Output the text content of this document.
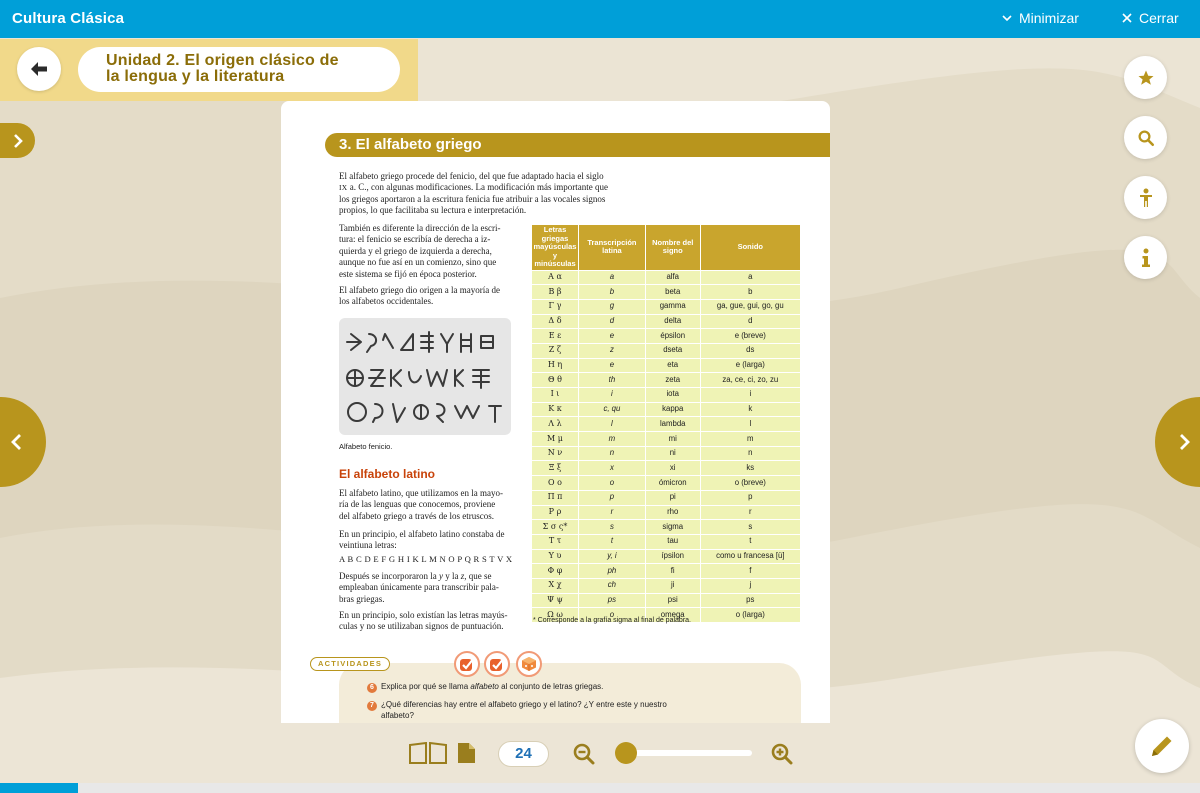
Cultura Clásica	Minimizar	Cerrar
Unidad 2. El origen clásico de
la lengua y la literatura
3. El alfabeto griego
El alfabeto griego procede del fenicio, del que fue adaptado hacia el siglo
IX a. C., con algunas modificaciones. La modificación más importante que
los griegos aportaron a la escritura fenicia fue atribuir a las vocales signos
propios, lo que facilitaba su lectura e interpretación.
También es diferente la dirección de la escri-
tura: el fenicio se escribía de derecha a iz-
quierda y el griego de izquierda a derecha,
aunque no fue así en un comienzo, sino que
este sistema se fijó en época posterior.
El alfabeto griego dio origen a la mayoría de
los alfabetos occidentales.
Alfabeto fenicio.
El alfabeto latino
El alfabeto latino, que utilizamos en la mayo-
ría de las lenguas que conocemos, proviene
del alfabeto griego a través de los etruscos.
En un principio, el alfabeto latino constaba de
veintiuna letras:
A B C D E F G H I K L M N O P Q R S T V X
Después se incorporaron la y y la z, que se
empleaban únicamente para transcribir pala-
bras griegas.
En un principio, solo existían las letras mayús-
culas y no se utilizaban signos de puntuación.
Letras griegas mayúsculas y minúsculas	Transcripción latina	Nombre del signo	Sonido
Α α	a	alfa	a
Β β	b	beta	b
Γ γ	g	gamma	ga, gue, gui, go, gu
Δ δ	d	delta	d
Ε ε	e	épsilon	e (breve)
Ζ ζ	z	dseta	ds
Η η	e	eta	e (larga)
Θ θ	th	zeta	za, ce, ci, zo, zu
Ι ι	i	iota	i
Κ κ	c, qu	kappa	k
Λ λ	l	lambda	l
Μ μ	m	mi	m
Ν ν	n	ni	n
Ξ ξ	x	xi	ks
Ο ο	o	ómicron	o (breve)
Π π	p	pi	p
Ρ ρ	r	rho	r
Σ σ ς*	s	sigma	s
Τ τ	t	tau	t
Υ υ	y, i	ípsilon	como u francesa [ü]
Φ φ	ph	fi	f
Χ χ	ch	ji	j
Ψ ψ	ps	psi	ps
Ω ω	o	omega	o (larga)
* Corresponde a la grafía sigma al final de palabra.
ACTIVIDADES
6 Explica por qué se llama alfabeto al conjunto de letras griegas.
7 ¿Qué diferencias hay entre el alfabeto griego y el latino? ¿Y entre este y nuestro
alfabeto?
24
